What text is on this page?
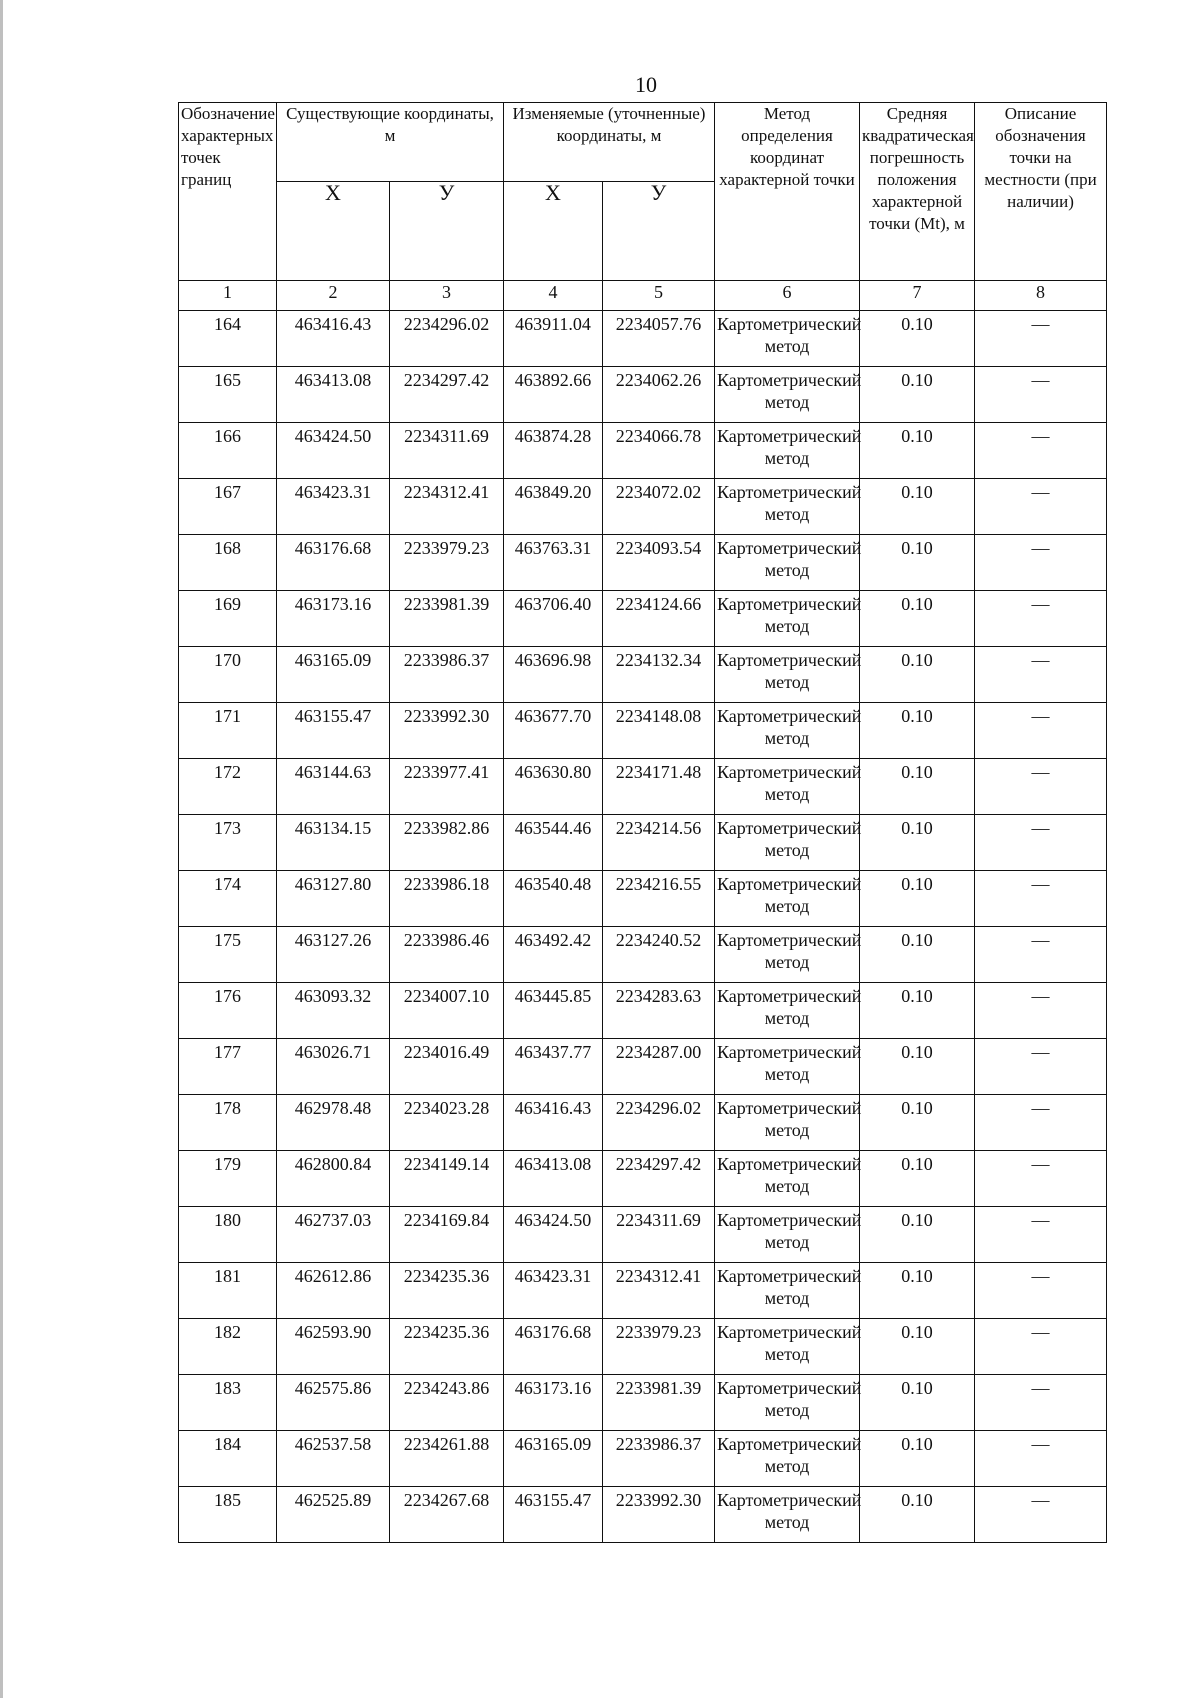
10
Обозначение характерных точек границ	Существующие координаты, м		Изменяемые (уточненные) координаты, м		Метод определения координат характерной точки	Средняя квадратическая погрешность положения характерной точки (Mt), м	Описание обозначения точки на местности (при наличии)
	X	У	X	У			
1	2	3	4	5	6	7	8
164	463416.43	2234296.02	463911.04	2234057.76	Картометрический метод	0.10	—
165	463413.08	2234297.42	463892.66	2234062.26	Картометрический метод	0.10	—
166	463424.50	2234311.69	463874.28	2234066.78	Картометрический метод	0.10	—
167	463423.31	2234312.41	463849.20	2234072.02	Картометрический метод	0.10	—
168	463176.68	2233979.23	463763.31	2234093.54	Картометрический метод	0.10	—
169	463173.16	2233981.39	463706.40	2234124.66	Картометрический метод	0.10	—
170	463165.09	2233986.37	463696.98	2234132.34	Картометрический метод	0.10	—
171	463155.47	2233992.30	463677.70	2234148.08	Картометрический метод	0.10	—
172	463144.63	2233977.41	463630.80	2234171.48	Картометрический метод	0.10	—
173	463134.15	2233982.86	463544.46	2234214.56	Картометрический метод	0.10	—
174	463127.80	2233986.18	463540.48	2234216.55	Картометрический метод	0.10	—
175	463127.26	2233986.46	463492.42	2234240.52	Картометрический метод	0.10	—
176	463093.32	2234007.10	463445.85	2234283.63	Картометрический метод	0.10	—
177	463026.71	2234016.49	463437.77	2234287.00	Картометрический метод	0.10	—
178	462978.48	2234023.28	463416.43	2234296.02	Картометрический метод	0.10	—
179	462800.84	2234149.14	463413.08	2234297.42	Картометрический метод	0.10	—
180	462737.03	2234169.84	463424.50	2234311.69	Картометрический метод	0.10	—
181	462612.86	2234235.36	463423.31	2234312.41	Картометрический метод	0.10	—
182	462593.90	2234235.36	463176.68	2233979.23	Картометрический метод	0.10	—
183	462575.86	2234243.86	463173.16	2233981.39	Картометрический метод	0.10	—
184	462537.58	2234261.88	463165.09	2233986.37	Картометрический метод	0.10	—
185	462525.89	2234267.68	463155.47	2233992.30	Картометрический метод	0.10	—
